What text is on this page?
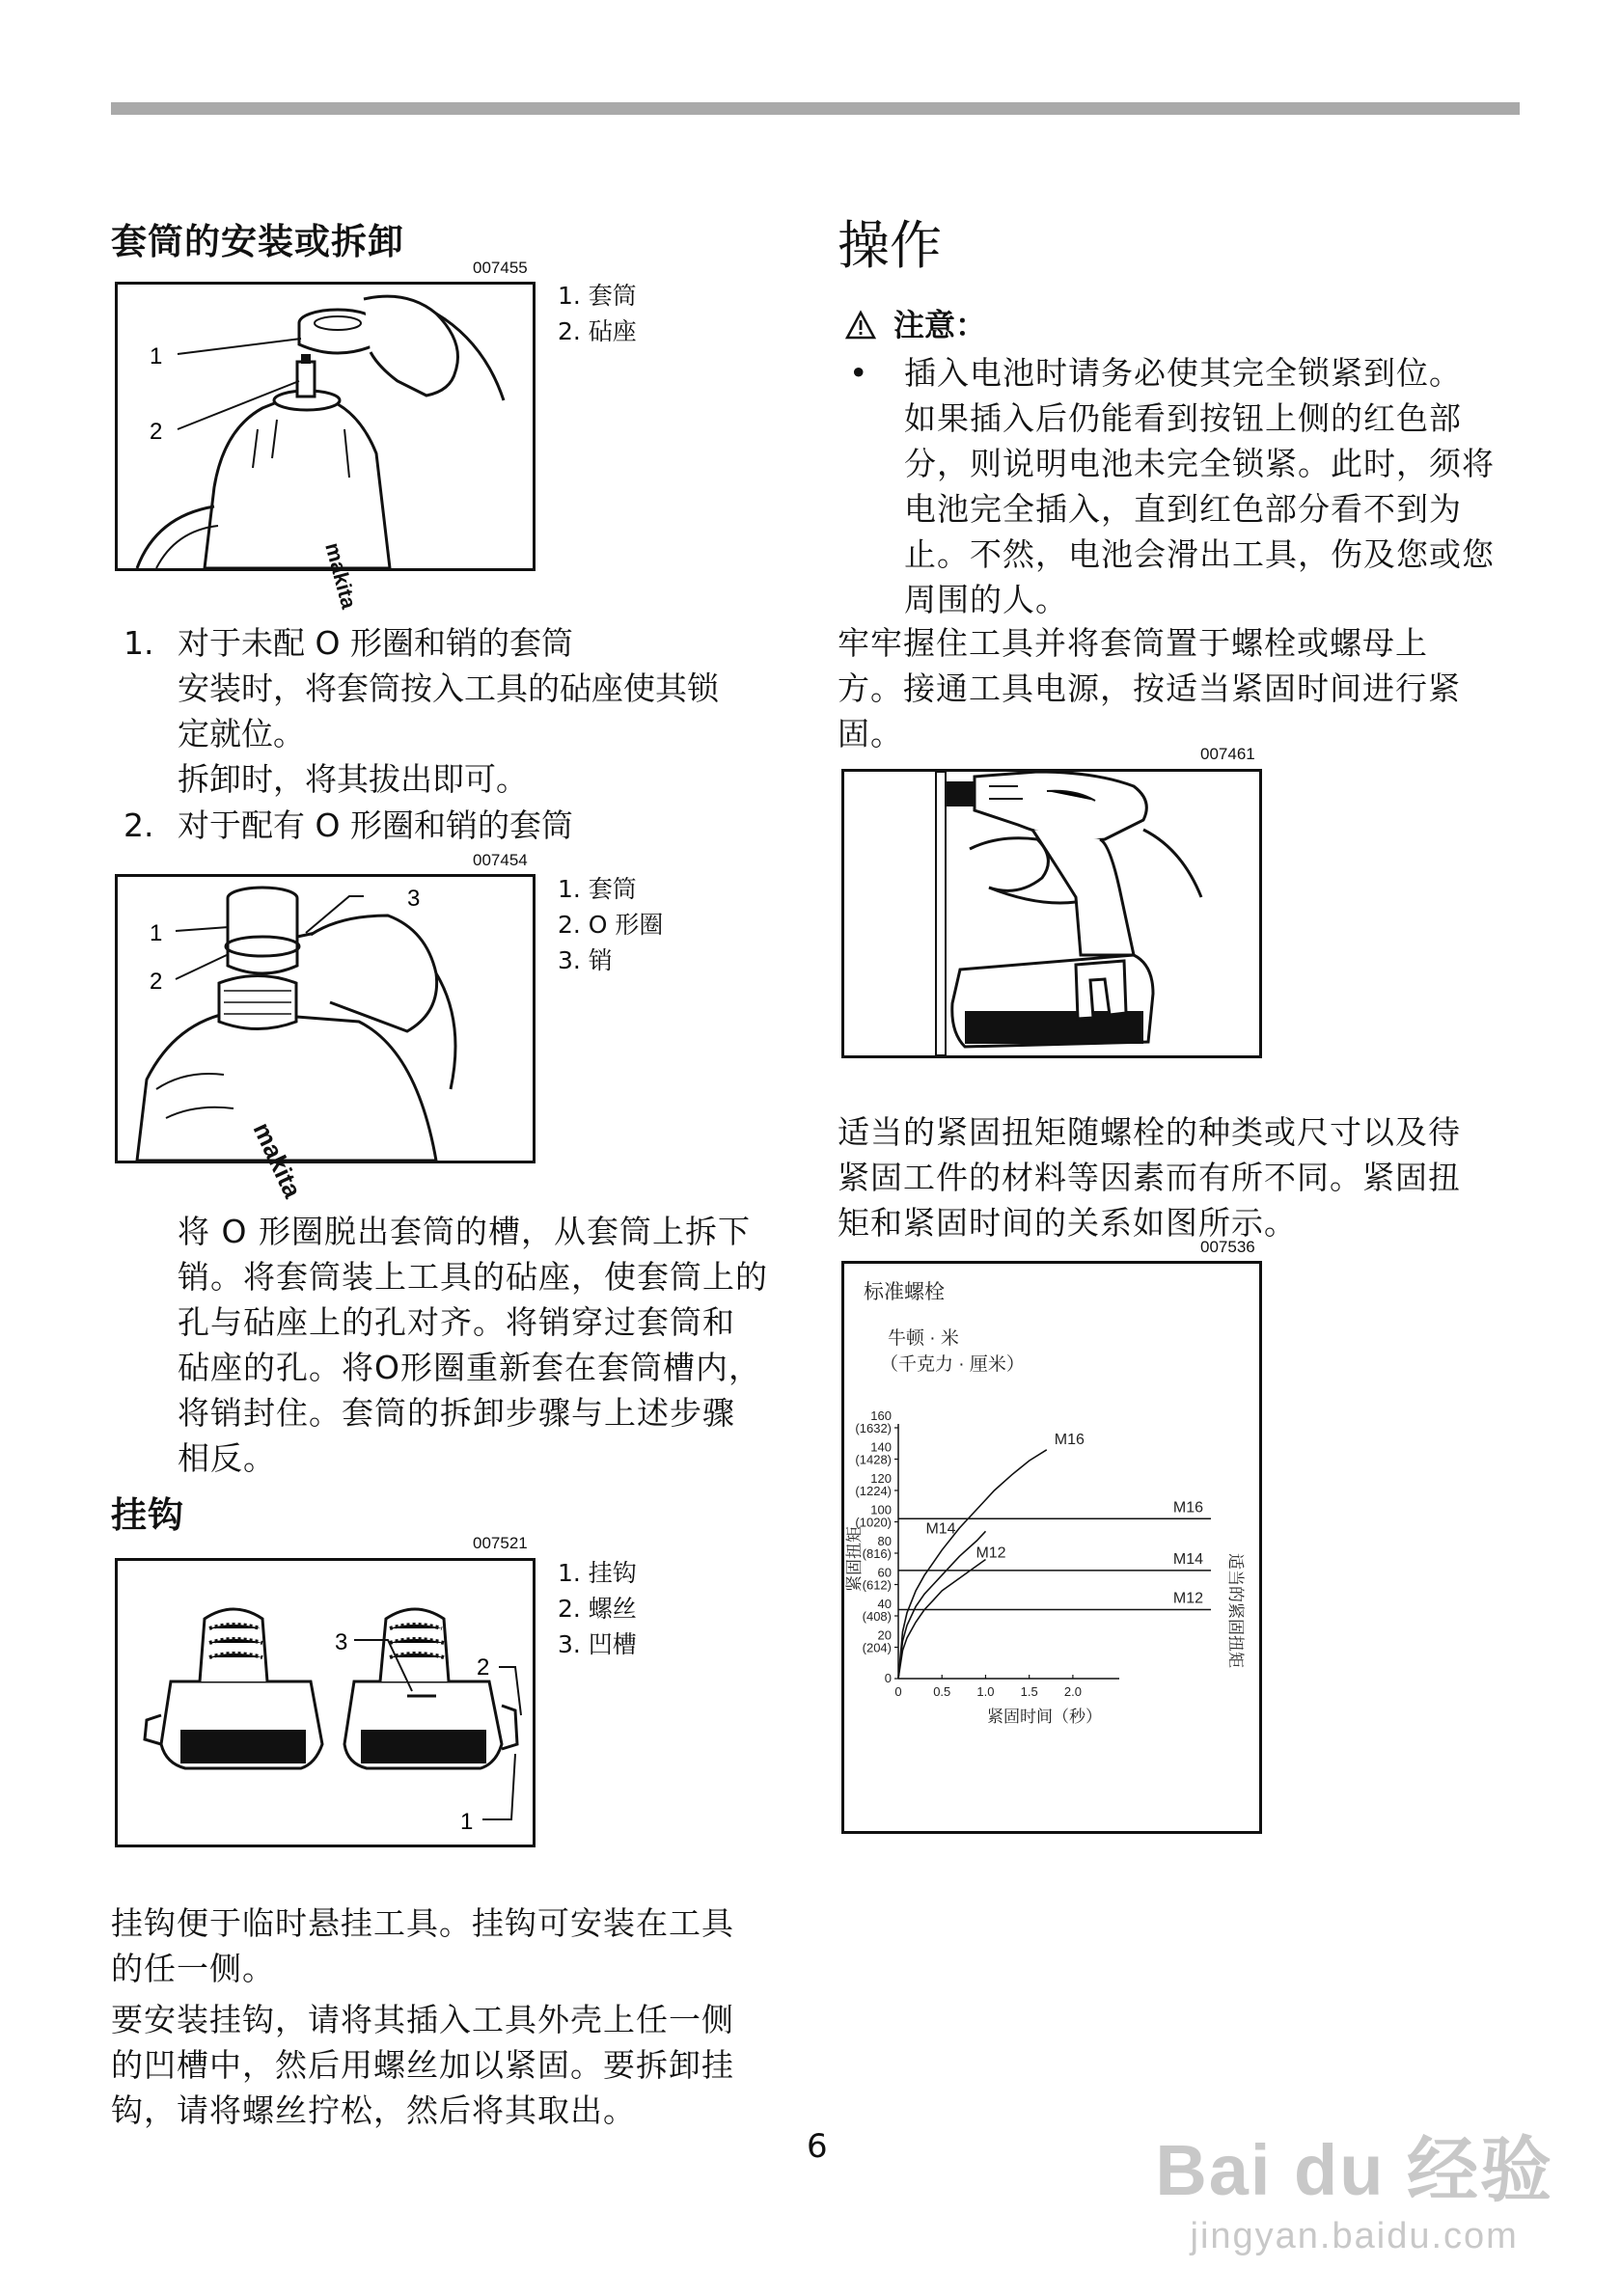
套筒的安装或拆卸
007455
makita
1
2
1. 套筒
2. 砧座
1. 对于未配 O 形圈和销的套筒
安装时，将套筒按入工具的砧座使其锁
定就位。
拆卸时，将其拔出即可。
2. 对于配有 O 形圈和销的套筒
007454
makita
1
2
3	1. 套筒
2. O 形圈
3. 销
将 O 形圈脱出套筒的槽，从套筒上拆下
销。将套筒装上工具的砧座，使套筒上的
孔与砧座上的孔对齐。将销穿过套筒和
砧座的孔。将O形圈重新套在套筒槽内，
将销封住。套筒的拆卸步骤与上述步骤
相反。
挂钩
007521
3
2
1
1. 挂钩
2. 螺丝
3. 凹槽
挂钩便于临时悬挂工具。挂钩可安装在工具
的任一侧。
要安装挂钩，请将其插入工具外壳上任一侧
的凹槽中，然后用螺丝加以紧固。要拆卸挂
钩，请将螺丝拧松，然后将其取出。
操作
注意：
• 插入电池时请务必使其完全锁紧到位。
如果插入后仍能看到按钮上侧的红色部
分，则说明电池未完全锁紧。此时，须将
电池完全插入，直到红色部分看不到为
止。不然，电池会滑出工具，伤及您或您
周围的人。
牢牢握住工具并将套筒置于螺栓或螺母上
方。接通工具电源，按适当紧固时间进行紧
固。
007461
适当的紧固扭矩随螺栓的种类或尺寸以及待
紧固工件的材料等因素而有所不同。紧固扭
矩和紧固时间的关系如图所示。
007536
标准螺栓
牛顿 · 米
（千克力 · 厘米）
0
20
(204)
40
(408)
60
(612)
80
(816)
100
(1020)
120
(1224)
140
(1428)
160
(1632)
0	0.5 1.0 1.5 2.0
M16
M14
M12
M16
M14
M12
紧固时间（秒）
紧固扭矩	适当的紧固扭矩
6	Bai du 经验
jingyan.baidu.com
